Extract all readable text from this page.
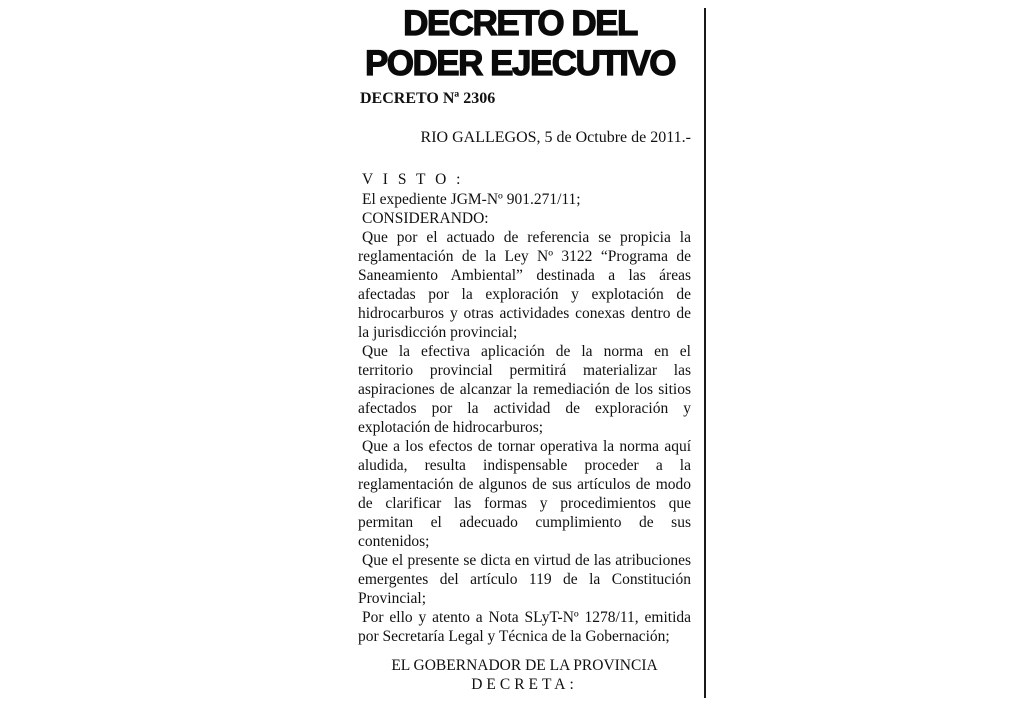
DECRETO DEL
PODER EJECUTIVO
DECRETO Nª 2306
RIO GALLEGOS, 5 de Octubre de 2011.-
V I S T O :
El expediente JGM-Nº 901.271/11;
CONSIDERANDO:

Que por el actuado de referencia se propicia la reglamentación de la Ley Nº 3122 “Programa de Saneamiento Ambiental” destinada a las áreas afectadas por la exploración y explotación de hidrocarburos y otras actividades conexas dentro de la jurisdicción provincial;

Que la efectiva aplicación de la norma en el territorio provincial permitirá materializar las aspiraciones de alcanzar la remediación de los sitios afectados por la actividad de exploración y explotación de hidrocarburos;

Que a los efectos de tornar operativa la norma aquí aludida, resulta indispensable proceder a la reglamentación de algunos de sus artículos de modo de clarificar las formas y procedimientos que permitan el adecuado cumplimiento de sus contenidos;

Que el presente se dicta en virtud de las atribuciones emergentes del artículo 119 de la Constitución Provincial;

Por ello y atento a Nota SLyT-Nº 1278/11, emitida por Secretaría Legal y Técnica de la Gobernación;

EL GOBERNADOR DE LA PROVINCIA
DECRETA:
